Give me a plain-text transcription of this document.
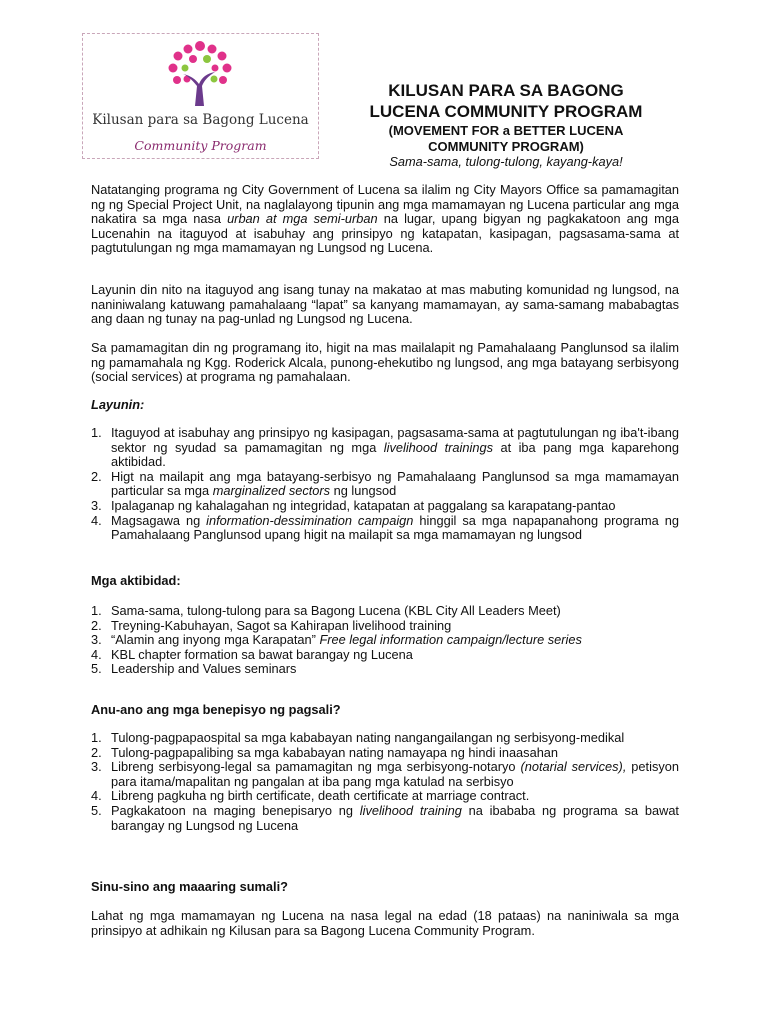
Kilusan para sa Bagong Lucena
Community Program
KILUSAN PARA SA BAGONG
LUCENA COMMUNITY PROGRAM
(MOVEMENT FOR a BETTER LUCENA
COMMUNITY PROGRAM)
Sama-sama, tulong-tulong, kayang-kaya!
Natatanging programa ng City Government of Lucena sa ilalim ng City Mayors Office sa pamamagitan ng ng Special Project Unit, na naglalayong tipunin ang mga mamamayan ng Lucena particular ang mga nakatira sa mga nasa urban at mga semi-urban na lugar, upang bigyan ng pagkakatoon ang mga Lucenahin na itaguyod at isabuhay ang prinsipyo ng katapatan, kasipagan, pagsasama-sama at pagtutulungan ng mga mamamayan ng Lungsod ng Lucena.
Layunin din nito na itaguyod ang isang tunay na makatao at mas mabuting komunidad ng lungsod, na naniniwalang katuwang pamahalaang “lapat” sa kanyang mamamayan, ay sama-samang mababagtas ang daan ng tunay na pag-unlad ng Lungsod ng Lucena.
Sa pamamagitan din ng programang ito, higit na mas mailalapit ng Pamahalaang Panglunsod sa ilalim ng pamamahala ng Kgg. Roderick Alcala, punong-ehekutibo ng lungsod, ang mga batayang serbisyong (social services) at programa ng pamahalaan.
Layunin:
1. Itaguyod at isabuhay ang prinsipyo ng kasipagan, pagsasama-sama at pagtutulungan ng iba't-ibang sektor ng syudad sa pamamagitan ng mga livelihood trainings at iba pang mga kaparehong aktibidad.
2. Higt na mailapit ang mga batayang-serbisyo ng Pamahalaang Panglunsod sa mga mamamayan particular sa mga marginalized sectors ng lungsod
3. Ipalaganap ng kahalagahan ng integridad, katapatan at paggalang sa karapatang-pantao
4. Magsagawa ng information-dessimination campaign hinggil sa mga napapanahong programa ng Pamahalaang Panglunsod upang higit na mailapit sa mga mamamayan ng lungsod
Mga aktibidad:
1. Sama-sama, tulong-tulong para sa Bagong Lucena (KBL City All Leaders Meet)
2. Treyning-Kabuhayan, Sagot sa Kahirapan livelihood training
3. “Alamin ang inyong mga Karapatan” Free legal information campaign/lecture series
4. KBL chapter formation sa bawat barangay ng Lucena
5. Leadership and Values seminars
Anu-ano ang mga benepisyo ng pagsali?
1. Tulong-pagpapaospital sa mga kababayan nating nangangailangan ng serbisyong-medikal
2. Tulong-pagpapalibing sa mga kababayan nating namayapa ng hindi inaasahan
3. Libreng serbisyong-legal sa pamamagitan ng mga serbisyong-notaryo (notarial services), petisyon para itama/mapalitan ng pangalan at iba pang mga katulad na serbisyo
4. Libreng pagkuha ng birth certificate, death certificate at marriage contract.
5. Pagkakatoon na maging benepisaryo ng livelihood training na ibababa ng programa sa bawat barangay ng Lungsod ng Lucena
Sinu-sino ang maaaring sumali?
Lahat ng mga mamamayan ng Lucena na nasa legal na edad (18 pataas) na naniniwala sa mga prinsipyo at adhikain ng Kilusan para sa Bagong Lucena Community Program.
